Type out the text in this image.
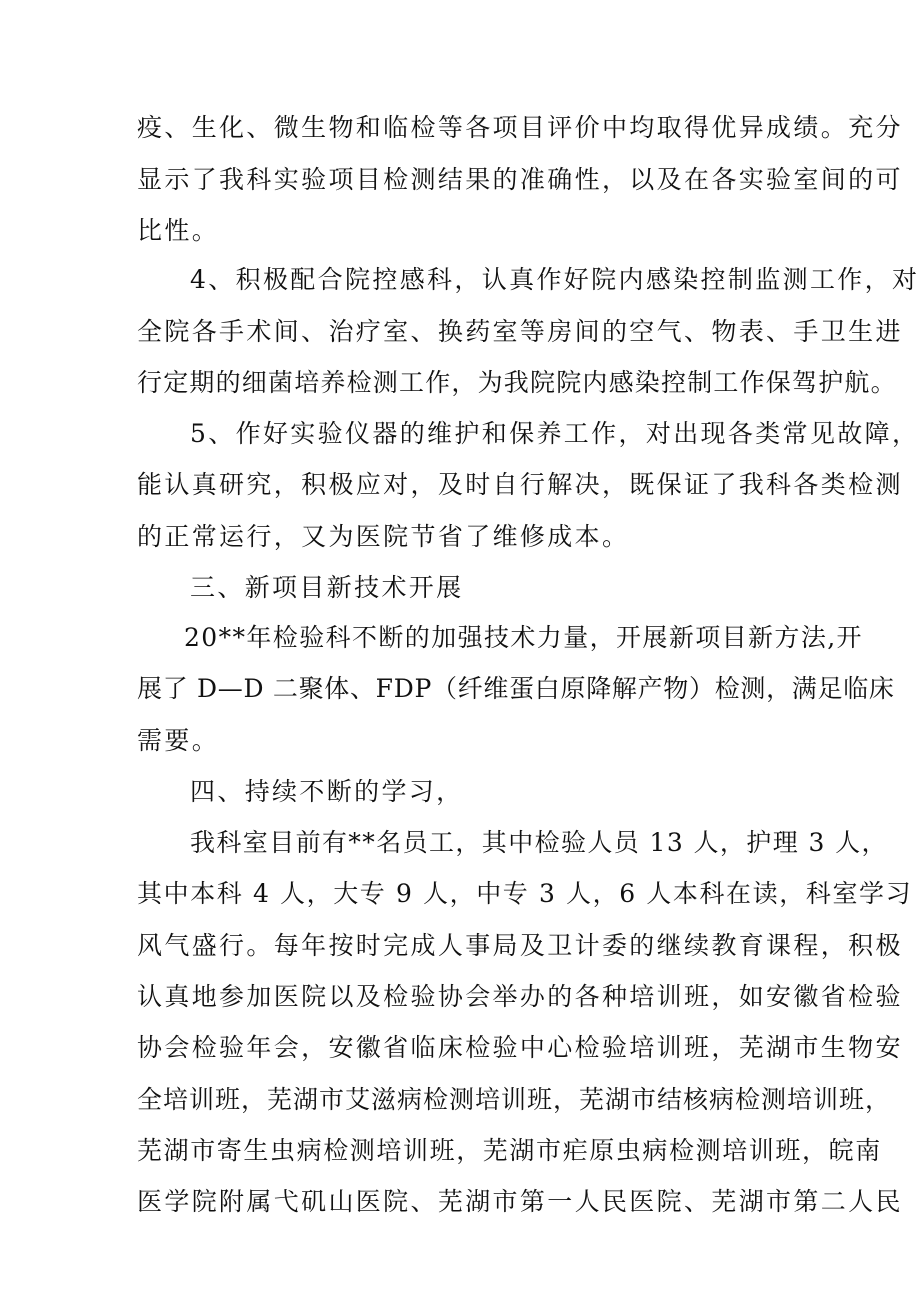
疫、生化、微生物和临检等各项目评价中均取得优异成绩。充分

显示了我科实验项目检测结果的准确性，以及在各实验室间的可

比性。

4、积极配合院控感科，认真作好院内感染控制监测工作，对

全院各手术间、治疗室、换药室等房间的空气、物表、手卫生进

行定期的细菌培养检测工作，为我院院内感染控制工作保驾护航。

5、作好实验仪器的维护和保养工作，对出现各类常见故障，

能认真研究，积极应对，及时自行解决，既保证了我科各类检测

的正常运行，又为医院节省了维修成本。

三、新项目新技术开展

20**年检验科不断的加强技术力量，开展新项目新方法,开

展了 D—D 二聚体、FDP（纤维蛋白原降解产物）检测，满足临床

需要。

四、持续不断的学习，

我科室目前有**名员工，其中检验人员 13 人，护理 3 人，

其中本科 4 人，大专 9 人，中专 3 人，6 人本科在读，科室学习

风气盛行。每年按时完成人事局及卫计委的继续教育课程，积极

认真地参加医院以及检验协会举办的各种培训班，如安徽省检验

协会检验年会，安徽省临床检验中心检验培训班，芜湖市生物安

全培训班，芜湖市艾滋病检测培训班，芜湖市结核病检测培训班，

芜湖市寄生虫病检测培训班，芜湖市疟原虫病检测培训班，皖南

医学院附属弋矶山医院、芜湖市第一人民医院、芜湖市第二人民
